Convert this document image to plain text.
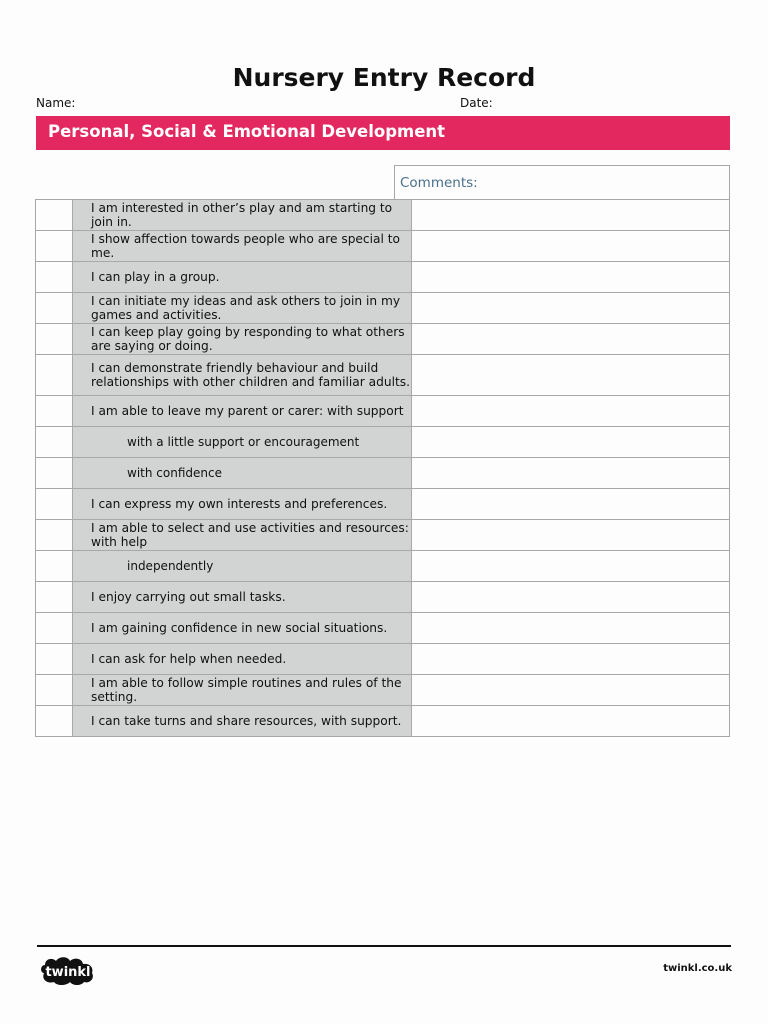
Nursery Entry Record
Name:	Date:
Personal, Social & Emotional Development
Comments:
	I am interested in other’s play and am starting to join in.	
	I show affection towards people who are special to me.	
	I can play in a group.	
	I can initiate my ideas and ask others to join in my games and activities.	
	I can keep play going by responding to what others are saying or doing.	
	I can demonstrate friendly behaviour and build relationships with other children and familiar adults.	
	I am able to leave my parent or carer: with support	
	with a little support or encouragement	
	with confidence	
	I can express my own interests and preferences.	
	I am able to select and use activities and resources: with help	
	independently	
	I enjoy carrying out small tasks.	
	I am gaining confidence in new social situations.	
	I can ask for help when needed.	
	I am able to follow simple routines and rules of the setting.	
	I can take turns and share resources, with support.	
twinkl	twinkl.co.uk
